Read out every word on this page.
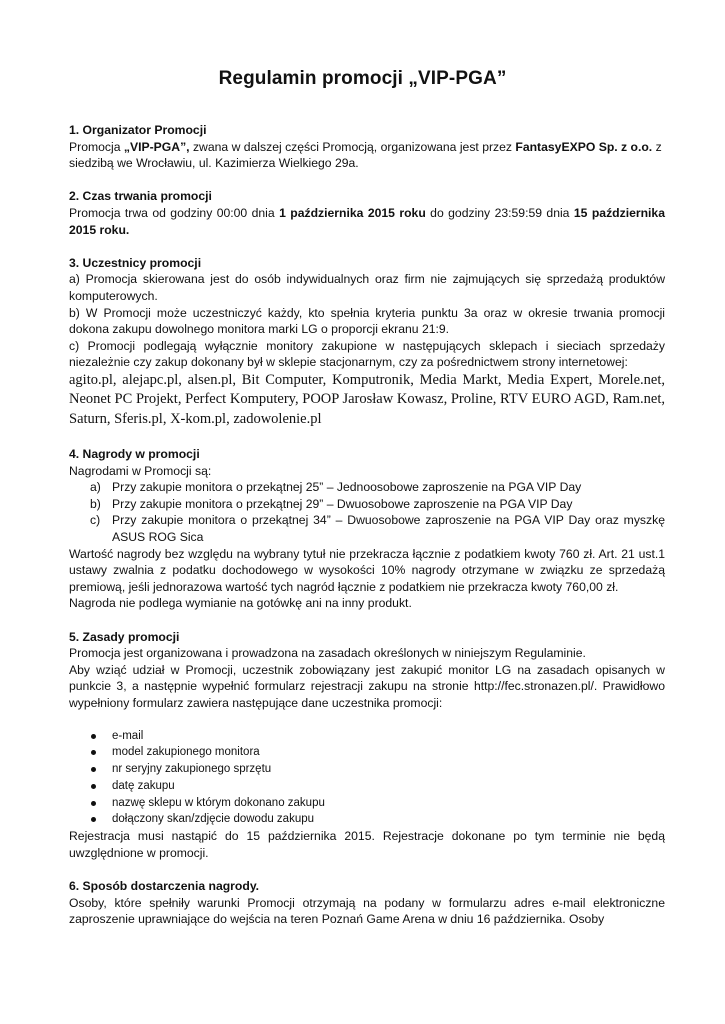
Regulamin promocji „VIP-PGA”

1. Organizator Promocji

Promocja „VIP-PGA”, zwana w dalszej części Promocją, organizowana jest przez FantasyEXPO Sp. z o.o. z siedzibą we Wrocławiu, ul. Kazimierza Wielkiego 29a.

2. Czas trwania promocji

Promocja trwa od godziny 00:00 dnia 1 października 2015 roku do godziny 23:59:59 dnia 15 października 2015 roku.

3. Uczestnicy promocji

a) Promocja skierowana jest do osób indywidualnych oraz firm nie zajmujących się sprzedażą produktów komputerowych.

b) W Promocji może uczestniczyć każdy, kto spełnia kryteria punktu 3a oraz w okresie trwania promocji dokona zakupu dowolnego monitora marki LG o proporcji ekranu 21:9.

c) Promocji podlegają wyłącznie monitory zakupione w następujących sklepach i sieciach sprzedaży niezależnie czy zakup dokonany był w sklepie stacjonarnym, czy za pośrednictwem strony internetowej:

agito.pl, alejapc.pl, alsen.pl, Bit Computer, Komputronik, Media Markt, Media Expert, Morele.net, Neonet PC Projekt, Perfect Komputery, POOP Jarosław Kowasz, Proline, RTV EURO AGD, Ram.net, Saturn, Sferis.pl, X-kom.pl, zadowolenie.pl

4. Nagrody w promocji

Nagrodami w Promocji są:

a) Przy zakupie monitora o przekątnej 25” – Jednoosobowe zaproszenie na PGA VIP Day
b) Przy zakupie monitora o przekątnej 29” – Dwuosobowe zaproszenie na PGA VIP Day
c) Przy zakupie monitora o przekątnej 34” – Dwuosobowe zaproszenie na PGA VIP Day oraz myszkę ASUS ROG Sica

Wartość nagrody bez względu na wybrany tytuł nie przekracza łącznie z podatkiem kwoty 760 zł. Art. 21 ust.1 ustawy zwalnia z podatku dochodowego w wysokości 10% nagrody otrzymane w związku ze sprzedażą premiową, jeśli jednorazowa wartość tych nagród łącznie z podatkiem nie przekracza kwoty 760,00 zł.

Nagroda nie podlega wymianie na gotówkę ani na inny produkt.

5. Zasady promocji

Promocja jest organizowana i prowadzona na zasadach określonych w niniejszym Regulaminie.

Aby wziąć udział w Promocji, uczestnik zobowiązany jest zakupić monitor LG na zasadach opisanych w punkcie 3, a następnie wypełnić formularz rejestracji zakupu na stronie http://fec.stronazen.pl/. Prawidłowo wypełniony formularz zawiera następujące dane uczestnika promocji:

e-mail
model zakupionego monitora
nr seryjny zakupionego sprzętu
datę zakupu
nazwę sklepu w którym dokonano zakupu
dołączony skan/zdjęcie dowodu zakupu

Rejestracja musi nastąpić do 15 października 2015. Rejestracje dokonane po tym terminie nie będą uwzględnione w promocji.

6. Sposób dostarczenia nagrody.

Osoby, które spełniły warunki Promocji otrzymają na podany w formularzu adres e-mail elektroniczne zaproszenie uprawniające do wejścia na teren Poznań Game Arena w dniu 16 października. Osoby
